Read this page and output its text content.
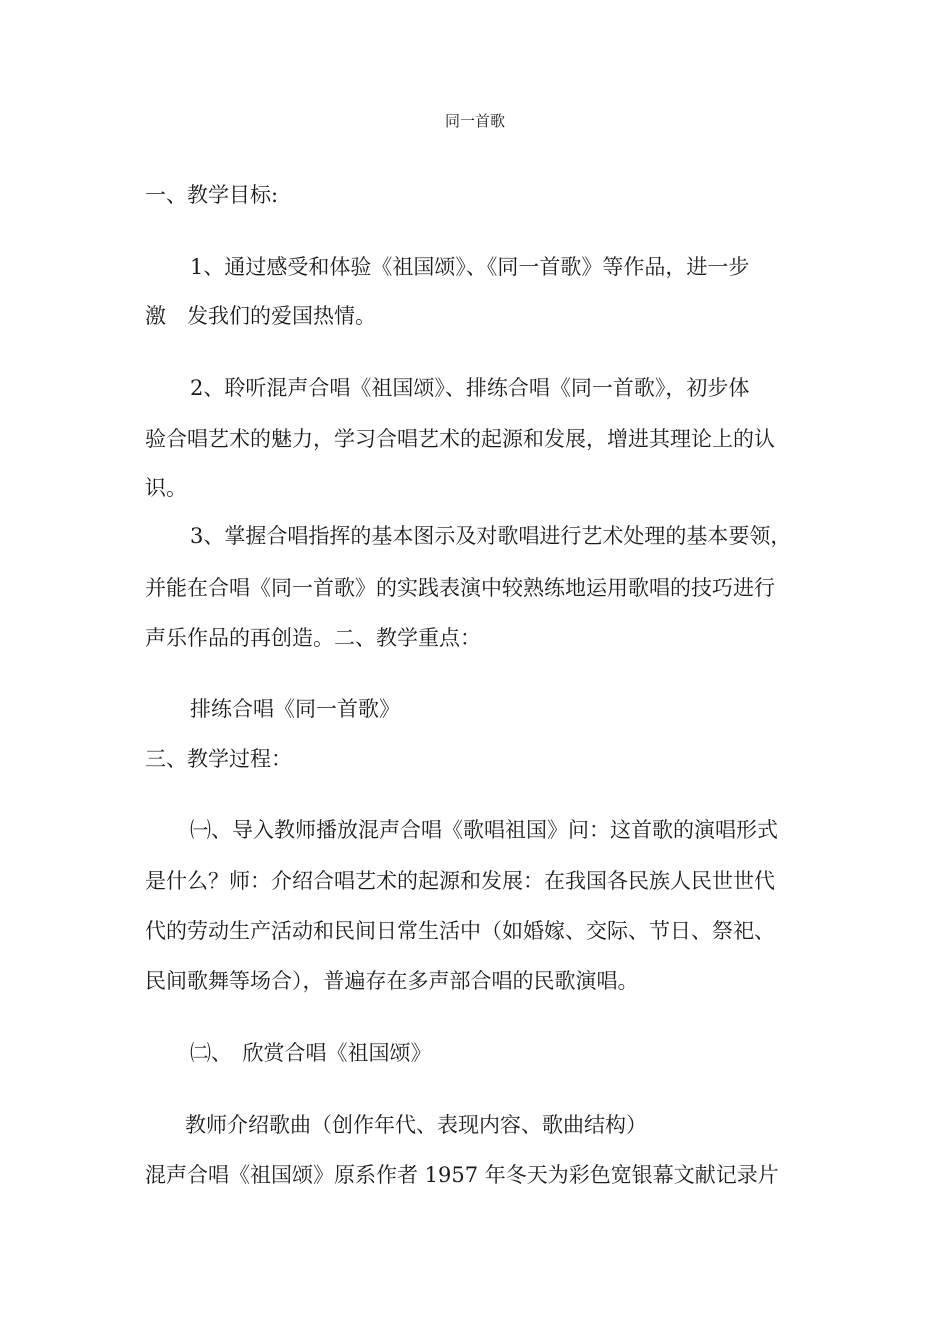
同一首歌
一、教学目标:
1、通过感受和体验《祖国颂》、《同一首歌》等作品，进一步
激　发我们的爱国热情。
2、聆听混声合唱《祖国颂》、排练合唱《同一首歌》，初步体
验合唱艺术的魅力，学习合唱艺术的起源和发展，增进其理论上的认
识。
3、掌握合唱指挥的基本图示及对歌唱进行艺术处理的基本要领，
并能在合唱《同一首歌》的实践表演中较熟练地运用歌唱的技巧进行
声乐作品的再创造。二、教学重点：
排练合唱《同一首歌》
三、教学过程：
㈠、导入教师播放混声合唱《歌唱祖国》问：这首歌的演唱形式
是什么？师：介绍合唱艺术的起源和发展：在我国各民族人民世世代
代的劳动生产活动和民间日常生活中（如婚嫁、交际、节日、祭祀、
民间歌舞等场合），普遍存在多声部合唱的民歌演唱。
㈡、　欣赏合唱《祖国颂》
教师介绍歌曲（创作年代、表现内容、歌曲结构）
混声合唱《祖国颂》原系作者 1957 年冬天为彩色宽银幕文献记录片
